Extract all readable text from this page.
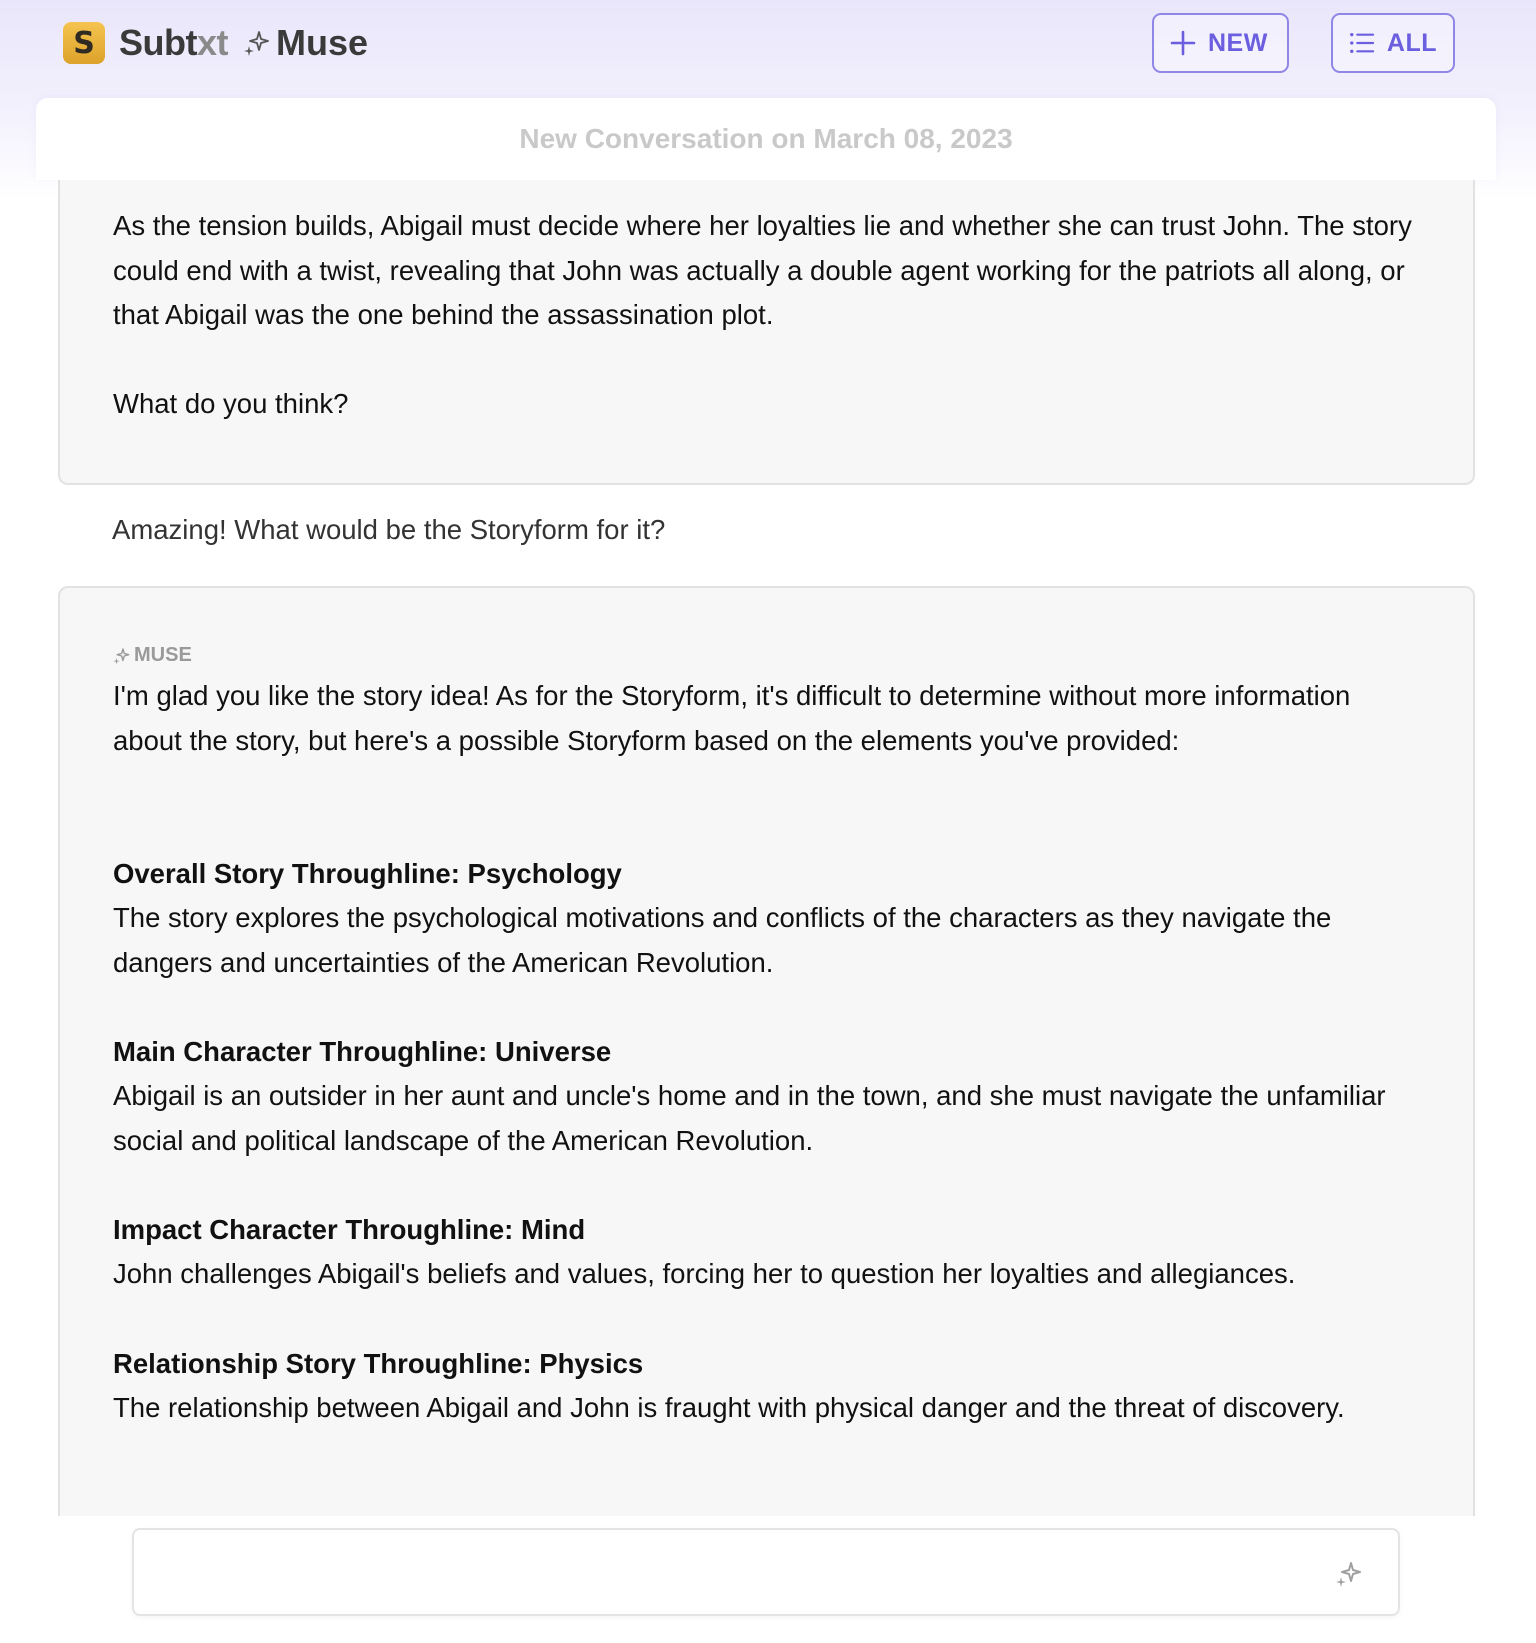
S Subtxt Muse	NEW	ALL
New Conversation on March 08, 2023

As the tension builds, Abigail must decide where her loyalties lie and whether she can trust John. The story could end with a twist, revealing that John was actually a double agent working for the patriots all along, or that Abigail was the one behind the assassination plot.

What do you think?

Amazing! What would be the Storyform for it?
MUSE

I'm glad you like the story idea! As for the Storyform, it's difficult to determine without more information about the story, but here's a possible Storyform based on the elements you've provided:

Overall Story Throughline: Psychology

The story explores the psychological motivations and conflicts of the characters as they navigate the dangers and uncertainties of the American Revolution.

Main Character Throughline: Universe

Abigail is an outsider in her aunt and uncle's home and in the town, and she must navigate the unfamiliar social and political landscape of the American Revolution.

Impact Character Throughline: Mind

John challenges Abigail's beliefs and values, forcing her to question her loyalties and allegiances.

Relationship Story Throughline: Physics

The relationship between Abigail and John is fraught with physical danger and the threat of discovery.
